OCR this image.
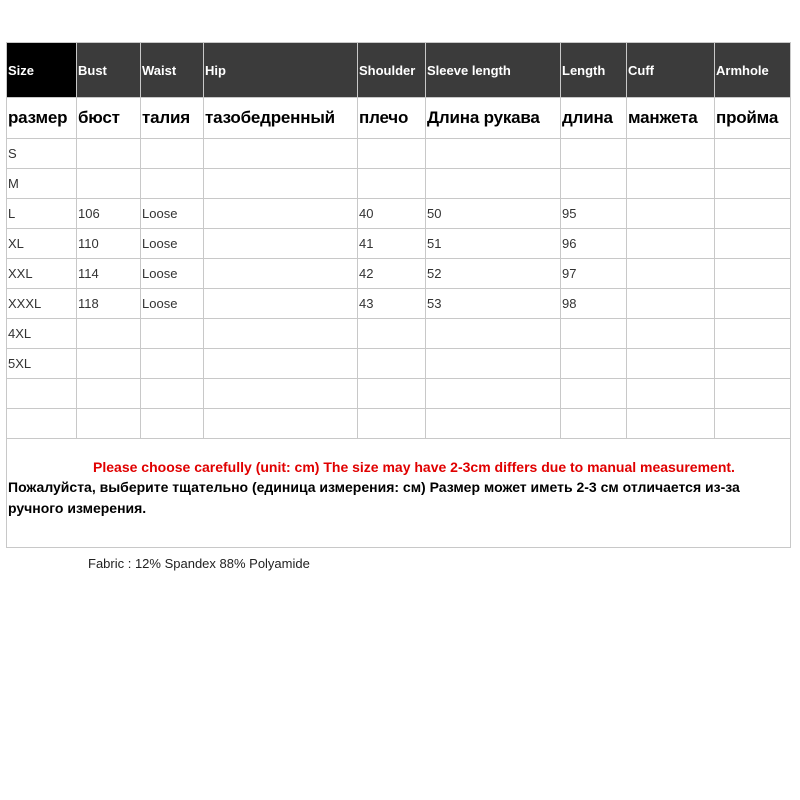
Size	Bust	Waist	Hip	Shoulder	Sleeve length	Length	Cuff	Armhole
размер	бюст	талия	тазобедренный	плечо	Длина рукава	длина	манжета	пройма
S								
M								
L	106	Loose		40	50	95		
XL	110	Loose		41	51	96		
XXL	114	Loose		42	52	97		
XXXL	118	Loose		43	53	98		
4XL								
5XL								

Please choose carefully (unit: cm) The size may have 2-3cm differs due to manual measurement.
Пожалуйста, выберите тщательно (единица измерения: см) Размер может иметь 2-3 см отличается из-за ручного измерения.								
Fabric : 12% Spandex 88% Polyamide
